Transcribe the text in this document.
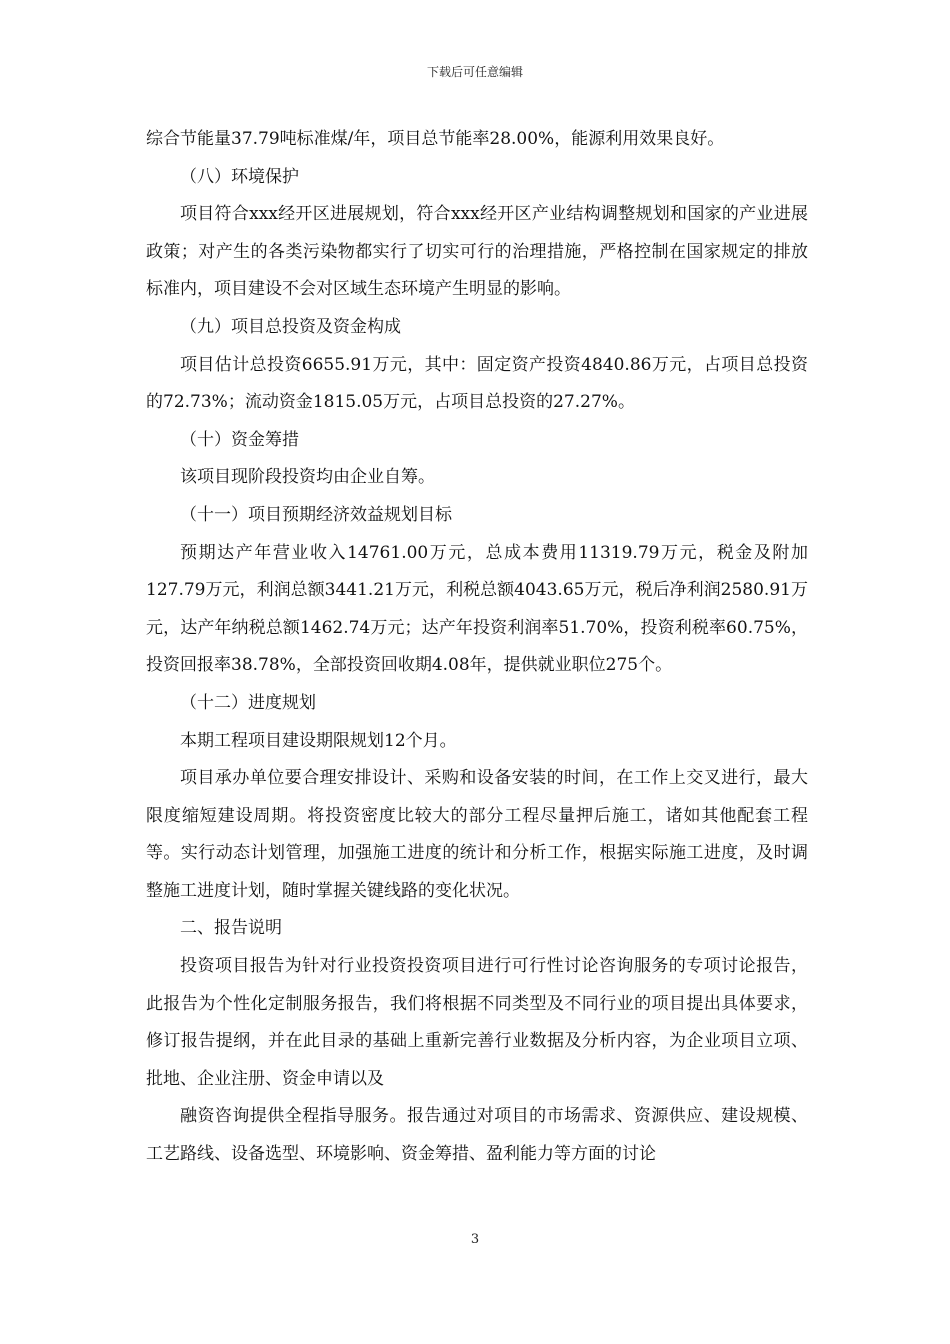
下载后可任意编辑

综合节能量37.79吨标准煤/年，项目总节能率28.00%，能源利用效果良好。

（八）环境保护

项目符合xxx经开区进展规划，符合xxx经开区产业结构调整规划和国家的产业进展政策；对产生的各类污染物都实行了切实可行的治理措施，严格控制在国家规定的排放标准内，项目建设不会对区域生态环境产生明显的影响。

（九）项目总投资及资金构成

项目估计总投资6655.91万元，其中：固定资产投资4840.86万元，占项目总投资的72.73%；流动资金1815.05万元，占项目总投资的27.27%。

（十）资金筹措

该项目现阶段投资均由企业自筹。

（十一）项目预期经济效益规划目标

预期达产年营业收入14761.00万元，总成本费用11319.79万元，税金及附加127.79万元，利润总额3441.21万元，利税总额4043.65万元，税后净利润2580.91万元，达产年纳税总额1462.74万元；达产年投资利润率51.70%，投资利税率60.75%，投资回报率38.78%，全部投资回收期4.08年，提供就业职位275个。

（十二）进度规划

本期工程项目建设期限规划12个月。

项目承办单位要合理安排设计、采购和设备安装的时间，在工作上交叉进行，最大限度缩短建设周期。将投资密度比较大的部分工程尽量押后施工，诸如其他配套工程等。实行动态计划管理，加强施工进度的统计和分析工作，根据实际施工进度，及时调整施工进度计划，随时掌握关键线路的变化状况。

二、报告说明

投资项目报告为针对行业投资投资项目进行可行性讨论咨询服务的专项讨论报告，此报告为个性化定制服务报告，我们将根据不同类型及不同行业的项目提出具体要求，修订报告提纲，并在此目录的基础上重新完善行业数据及分析内容，为企业项目立项、批地、企业注册、资金申请以及

融资咨询提供全程指导服务。报告通过对项目的市场需求、资源供应、建设规模、工艺路线、设备选型、环境影响、资金筹措、盈利能力等方面的讨论

3
